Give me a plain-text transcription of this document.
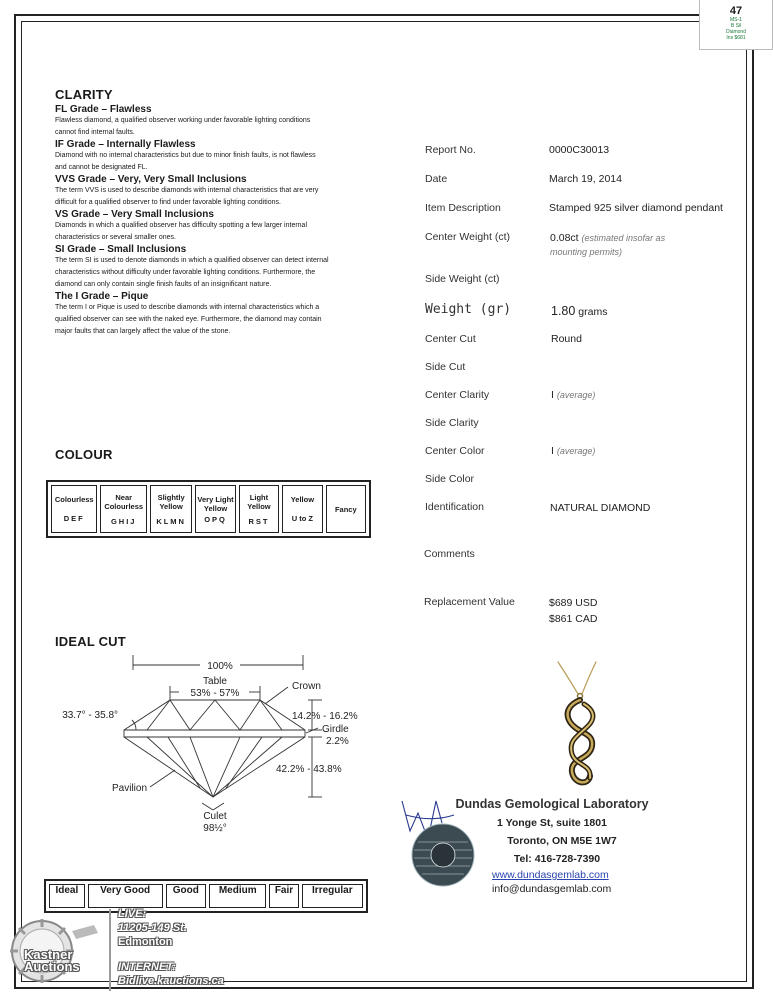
47
MS-1
B Sil
Diamond
Ins $681
CLARITY
FL Grade – Flawless
Flawless diamond, a qualified observer working under favorable lighting conditions
cannot find internal faults.
IF Grade – Internally Flawless
Diamond with no internal characteristics but due to minor finish faults, is not flawless
and cannot be designated FL.
VVS Grade – Very, Very Small Inclusions
The term VVS is used to describe diamonds with internal characteristics that are very
difficult for a qualified observer to find under favorable lighting conditions.
VS Grade – Very Small Inclusions
Diamonds in which a qualified observer has difficulty spotting a few larger internal
characteristics or several smaller ones.
SI Grade – Small Inclusions
The term SI is used to denote diamonds in which a qualified observer can detect internal
characteristics without difficulty under favorable lighting conditions. Furthermore, the
diamond can only contain single finish faults of an insignificant nature.
The I Grade – Pique
The term I or Pique is used to describe diamonds with internal characteristics which a
qualified observer can see with the naked eye. Furthermore, the diamond may contain
major faults that can largely affect the value of the stone.
COLOUR
Colourless
DEF

Near Colourless
GHIJ

Slightly Yellow
KLMN

Very Light Yellow
OPQ

Light Yellow
RST

Yellow
U to Z

Fancy
IDEAL CUT
100%
Table
53% - 57%
Crown
33.7° - 35.8°	14.2% - 16.2%
Girdle
2.2%
42.2% - 43.8%
Pavilion
Culet
98½°
Ideal	Very Good	Good	Medium	Fair	Irregular
Report No.	0000C30013
Date	March 19, 2014
Item Description	Stamped 925 silver diamond pendant
Center Weight (ct)	0.08ct (estimated insofar as mounting permits)
Side Weight (ct)
Weight (gr)	1.80 grams
Center Cut	Round
Side Cut
Center Clarity	I (average)
Side Clarity
Center Color	I (average)
Side Color
Identification	NATURAL DIAMOND
Comments
Replacement Value	$689 USD
$861 CAD
Dundas Gemological Laboratory
1 Yonge St, suite 1801
Toronto, ON M5E 1W7
Tel: 416-728-7390
www.dundasgemlab.com
info@dundasgemlab.com
Kastner Auctions
LIVE:
11205-149 St.
Edmonton
INTERNET:
Bidlive.kauctions.ca
